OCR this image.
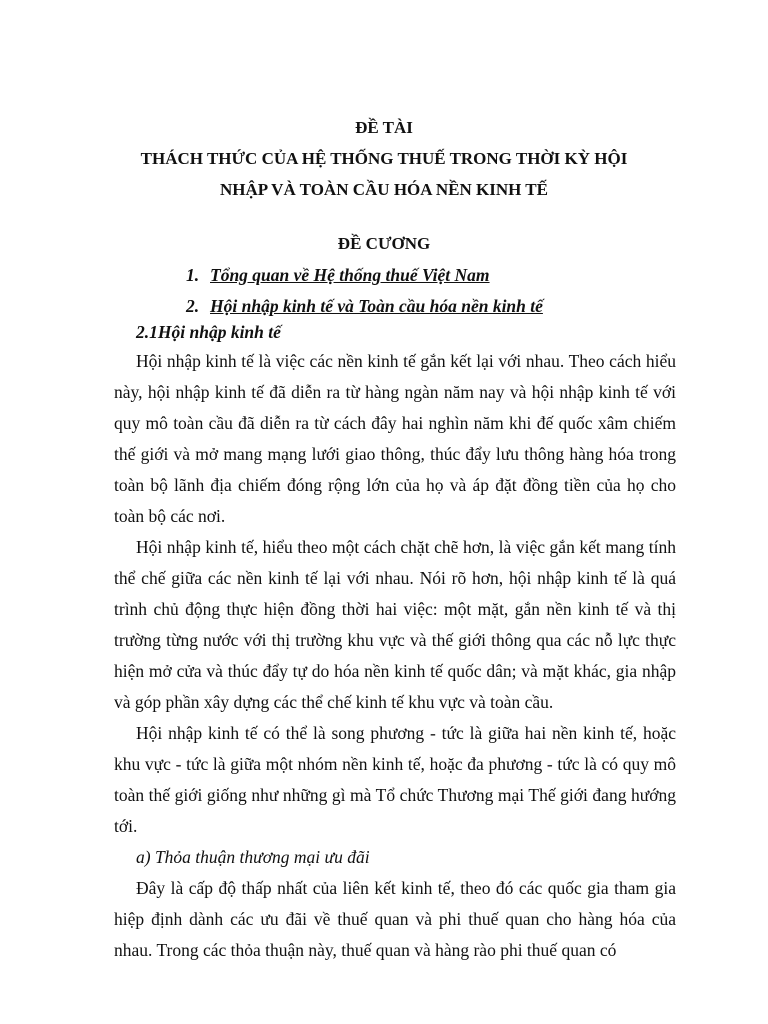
ĐỀ TÀI
THÁCH THỨC CỦA HỆ THỐNG THUẾ TRONG THỜI KỲ HỘI
NHẬP VÀ TOÀN CẦU HÓA NỀN KINH TẾ
ĐỀ CƯƠNG
1. Tổng quan về Hệ thống thuế Việt Nam
2. Hội nhập kinh tế và Toàn cầu hóa nền kinh tế
2.1Hội nhập kinh tế

Hội nhập kinh tế là việc các nền kinh tế gắn kết lại với nhau. Theo cách hiểu này, hội nhập kinh tế đã diễn ra từ hàng ngàn năm nay và hội nhập kinh tế với quy mô toàn cầu đã diễn ra từ cách đây hai nghìn năm khi đế quốc xâm chiếm thế giới và mở mang mạng lưới giao thông, thúc đẩy lưu thông hàng hóa trong toàn bộ lãnh địa chiếm đóng rộng lớn của họ và áp đặt đồng tiền của họ cho toàn bộ các nơi.

Hội nhập kinh tế, hiểu theo một cách chặt chẽ hơn, là việc gắn kết mang tính thể chế giữa các nền kinh tế lại với nhau. Nói rõ hơn, hội nhập kinh tế là quá trình chủ động thực hiện đồng thời hai việc: một mặt, gắn nền kinh tế và thị trường từng nước với thị trường khu vực và thế giới thông qua các nỗ lực thực hiện mở cửa và thúc đẩy tự do hóa nền kinh tế quốc dân; và mặt khác, gia nhập và góp phần xây dựng các thể chế kinh tế khu vực và toàn cầu.

Hội nhập kinh tế có thể là song phương - tức là giữa hai nền kinh tế, hoặc khu vực - tức là giữa một nhóm nền kinh tế, hoặc đa phương - tức là có quy mô toàn thế giới giống như những gì mà Tổ chức Thương mại Thế giới đang hướng tới.

a) Thỏa thuận thương mại ưu đãi

Đây là cấp độ thấp nhất của liên kết kinh tế, theo đó các quốc gia tham gia hiệp định dành các ưu đãi về thuế quan và phi thuế quan cho hàng hóa của nhau. Trong các thỏa thuận này, thuế quan và hàng rào phi thuế quan có
